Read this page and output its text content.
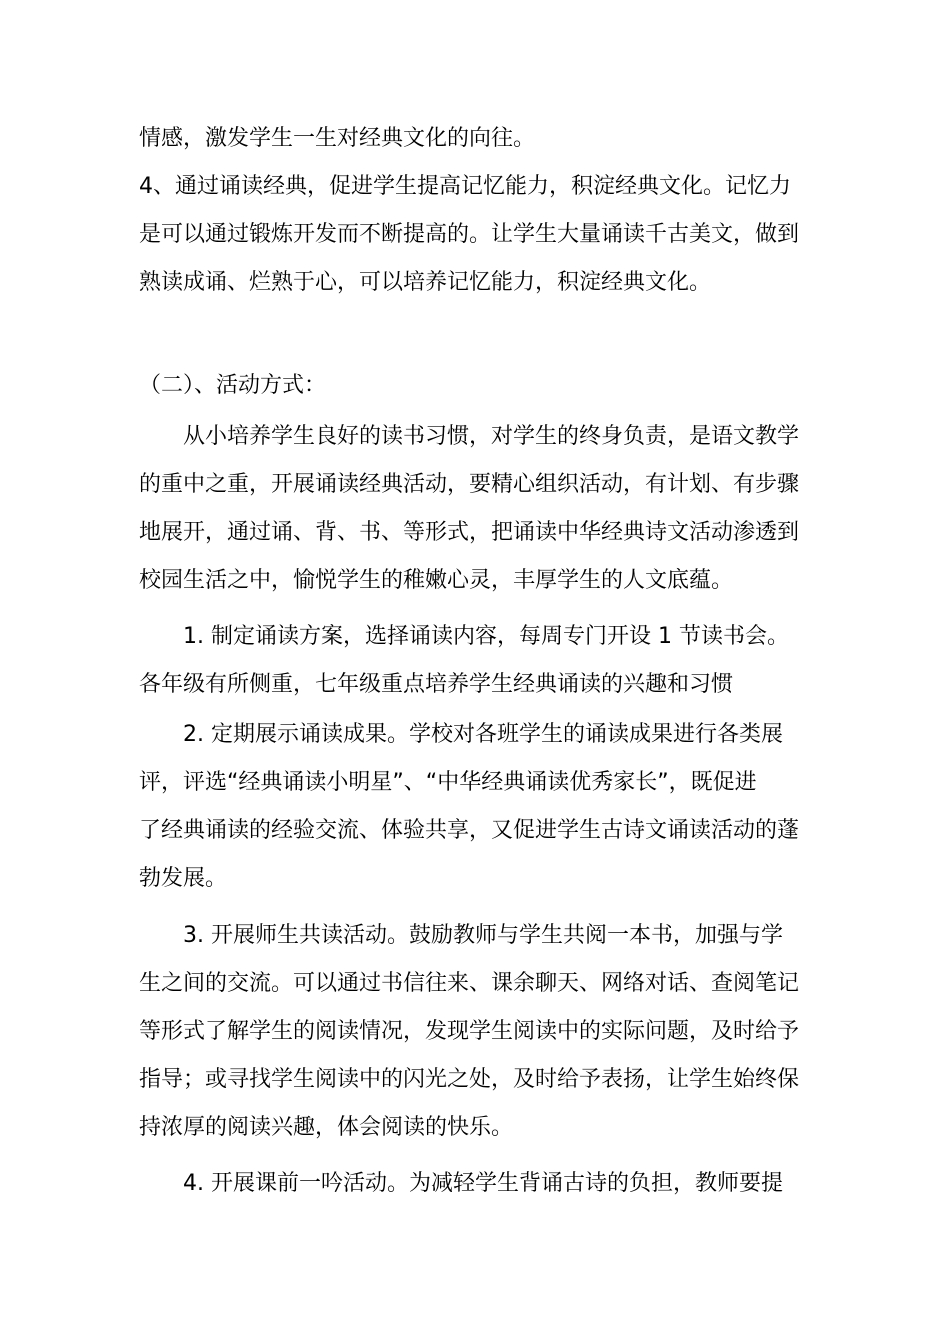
情感，激发学生一生对经典文化的向往。
4、通过诵读经典，促进学生提高记忆能力，积淀经典文化。记忆力
是可以通过锻炼开发而不断提高的。让学生大量诵读千古美文，做到
熟读成诵、烂熟于心，可以培养记忆能力，积淀经典文化。
（二）、活动方式：
从小培养学生良好的读书习惯，对学生的终身负责，是语文教学
的重中之重，开展诵读经典活动，要精心组织活动，有计划、有步骤
地展开，通过诵、背、书、等形式，把诵读中华经典诗文活动渗透到
校园生活之中，愉悦学生的稚嫩心灵，丰厚学生的人文底蕴。
1. 制定诵读方案，选择诵读内容，每周专门开设 1 节读书会。
各年级有所侧重，七年级重点培养学生经典诵读的兴趣和习惯
2. 定期展示诵读成果。学校对各班学生的诵读成果进行各类展
评，评选“经典诵读小明星”、“中华经典诵读优秀家长”，既促进
了经典诵读的经验交流、体验共享，又促进学生古诗文诵读活动的蓬
勃发展。
3. 开展师生共读活动。鼓励教师与学生共阅一本书，加强与学
生之间的交流。可以通过书信往来、课余聊天、网络对话、查阅笔记
等形式了解学生的阅读情况，发现学生阅读中的实际问题，及时给予
指导；或寻找学生阅读中的闪光之处，及时给予表扬，让学生始终保
持浓厚的阅读兴趣，体会阅读的快乐。
4. 开展课前一吟活动。为减轻学生背诵古诗的负担，教师要提
